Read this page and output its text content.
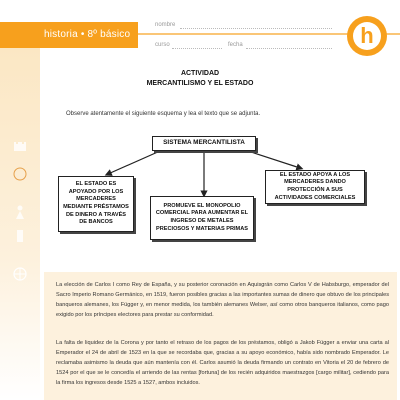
historia • 8º básico
nombre
curso	fecha	h
ACTIVIDAD
MERCANTILISMO Y EL ESTADO
Observe atentamente el siguiente esquema y lea el texto que se adjunta.
SISTEMA MERCANTILISTA
EL ESTADO ES APOYADO POR LOS MERCADERES MEDIANTE PRÉSTAMOS DE DINERO A TRAVÉS DE BANCOS
PROMUEVE EL MONOPOLIO COMERCIAL PARA AUMENTAR EL INGRESO DE METALES PRECIOSOS Y MATERIAS PRIMAS
EL ESTADO APOYA A LOS MERCADERES DANDO PROTECCIÓN A SUS ACTIVIDADES COMERCIALES

La elección de Carlos I como Rey de España, y su posterior coronación en Aquisgrán como Carlos V de Habsburgo, emperador del Sacro Imperio Romano Germánico, en 1519, fueron posibles gracias a las importantes sumas de dinero que obtuvo de los principales banqueros alemanes, los Függer y, en menor medida, los también alemanes Welser, así como otros banqueros italianos, como pago exigido por los príncipes electores para prestar su conformidad.

La falta de liquidez de la Corona y por tanto el retraso de los pagos de los préstamos, obligó a Jakob Függer a enviar una carta al Emperador el 24 de abril de 1523 en la que se recordaba que, gracias a su apoyo económico, había sido nombrado Emperador. Le reclamaba asimismo la deuda que aún mantenía con él. Carlos asumió la deuda firmando un contrato en Vitoria el 20 de febrero de 1524 por el que se le concedía el arriendo de las rentas [fortuna] de los recién adquiridos maestrazgos [cargo militar], cediendo para la firma los ingresos desde 1525 a 1527, ambos incluidos.
